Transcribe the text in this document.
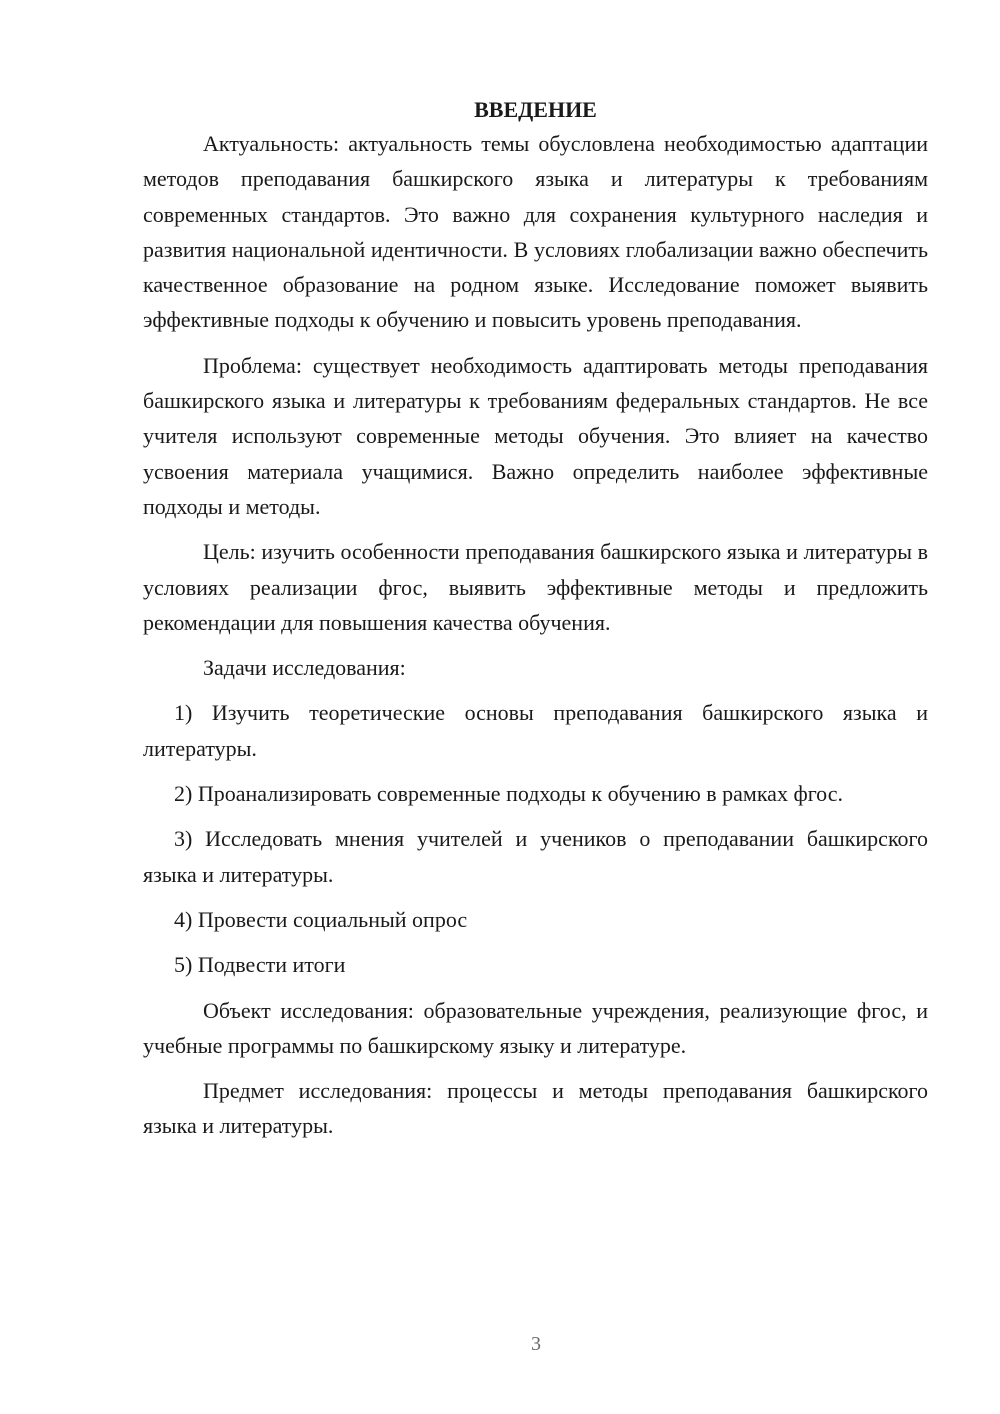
ВВЕДЕНИЕ

Актуальность: актуальность темы обусловлена необходимостью адаптации методов преподавания башкирского языка и литературы к требованиям современных стандартов. Это важно для сохранения культурного наследия и развития национальной идентичности. В условиях глобализации важно обеспечить качественное образование на родном языке. Исследование поможет выявить эффективные подходы к обучению и повысить уровень преподавания.

Проблема: существует необходимость адаптировать методы преподавания башкирского языка и литературы к требованиям федеральных стандартов. Не все учителя используют современные методы обучения. Это влияет на качество усвоения материала учащимися. Важно определить наиболее эффективные подходы и методы.

Цель: изучить особенности преподавания башкирского языка и литературы в условиях реализации фгос, выявить эффективные методы и предложить рекомендации для повышения качества обучения.

Задачи исследования:

1) Изучить теоретические основы преподавания башкирского языка и литературы.

2) Проанализировать современные подходы к обучению в рамках фгос.

3) Исследовать мнения учителей и учеников о преподавании башкирского языка и литературы.

4) Провести социальный опрос

5) Подвести итоги

Объект исследования: образовательные учреждения, реализующие фгос, и учебные программы по башкирскому языку и литературе.

Предмет исследования: процессы и методы преподавания башкирского языка и литературы.

3
